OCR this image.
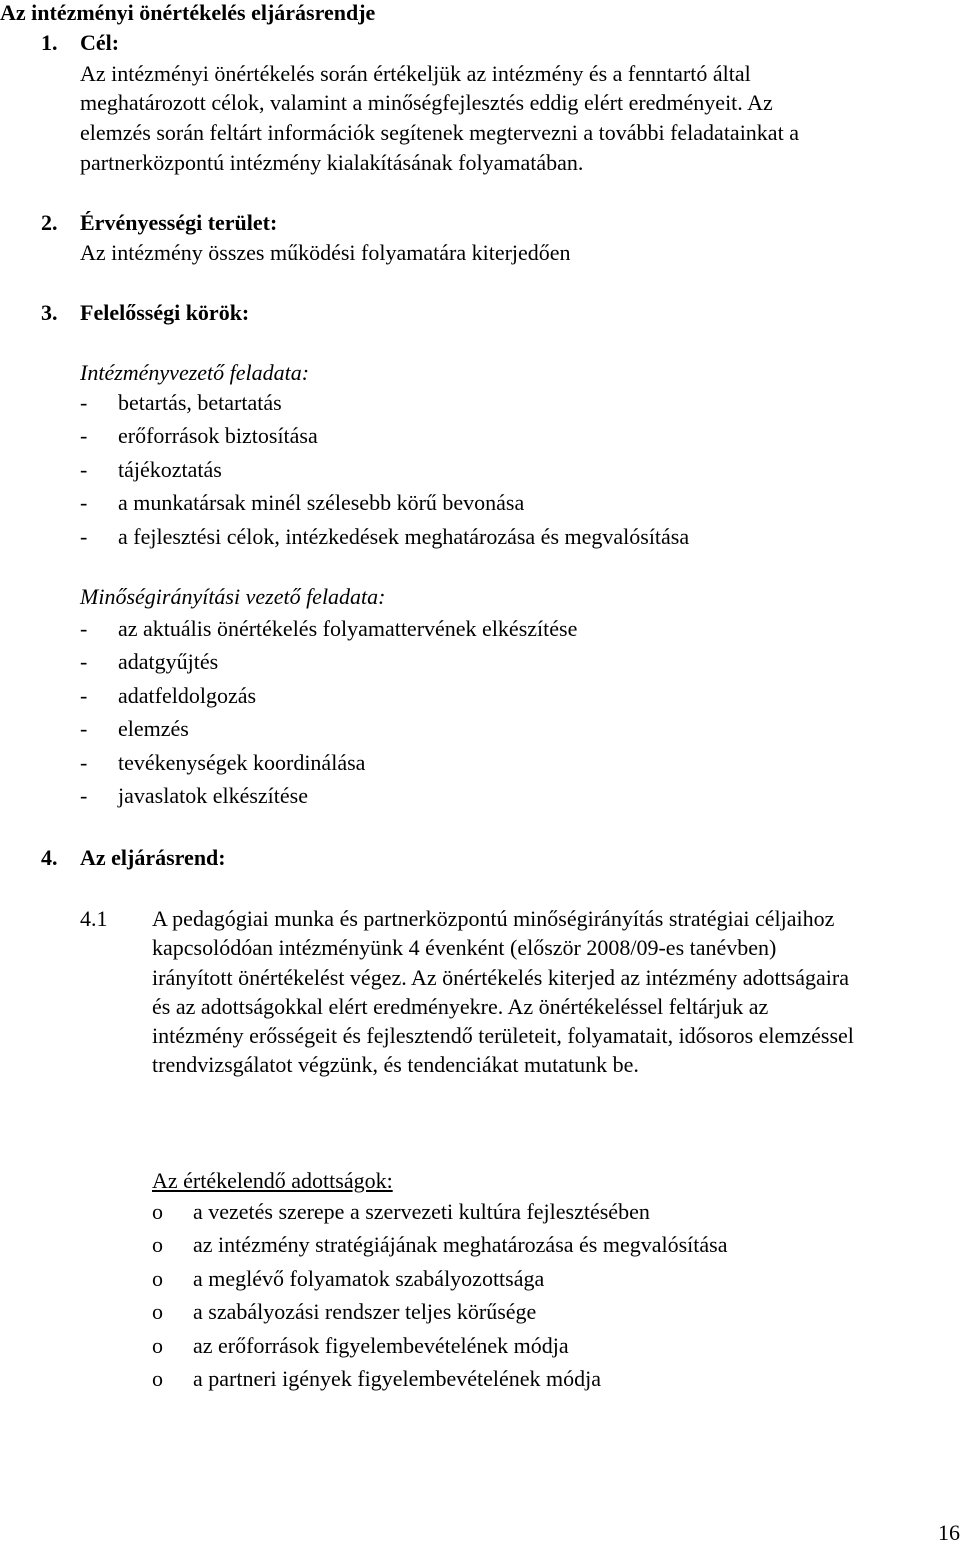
Az intézményi önértékelés eljárásrendje
1. Cél:
Az intézményi önértékelés során értékeljük az intézmény és a fenntartó által
meghatározott célok, valamint a minőségfejlesztés eddig elért eredményeit. Az
elemzés során feltárt információk segítenek megtervezni a további feladatainkat a
partnerközpontú intézmény kialakításának folyamatában.
2. Érvényességi terület:
Az intézmény összes működési folyamatára kiterjedően
3. Felelősségi körök:
Intézményvezető feladata:
- betartás, betartatás
- erőforrások biztosítása
- tájékoztatás
- a munkatársak minél szélesebb körű bevonása
- a fejlesztési célok, intézkedések meghatározása és megvalósítása
Minőségirányítási vezető feladata:
- az aktuális önértékelés folyamattervének elkészítése
- adatgyűjtés
- adatfeldolgozás
- elemzés
- tevékenységek koordinálása
- javaslatok elkészítése
4. Az eljárásrend:
4.1 A pedagógiai munka és partnerközpontú minőségirányítás stratégiai céljaihoz
kapcsolódóan intézményünk 4 évenként (először 2008/09-es tanévben)
irányított önértékelést végez. Az önértékelés kiterjed az intézmény adottságaira
és az adottságokkal elért eredményekre. Az önértékeléssel feltárjuk az
intézmény erősségeit és fejlesztendő területeit, folyamatait, idősoros elemzéssel
trendvizsgálatot végzünk, és tendenciákat mutatunk be.
Az értékelendő adottságok:
o a vezetés szerepe a szervezeti kultúra fejlesztésében
o az intézmény stratégiájának meghatározása és megvalósítása
o a meglévő folyamatok szabályozottsága
o a szabályozási rendszer teljes körűsége
o az erőforrások figyelembevételének módja
o a partneri igények figyelembevételének módja
16
